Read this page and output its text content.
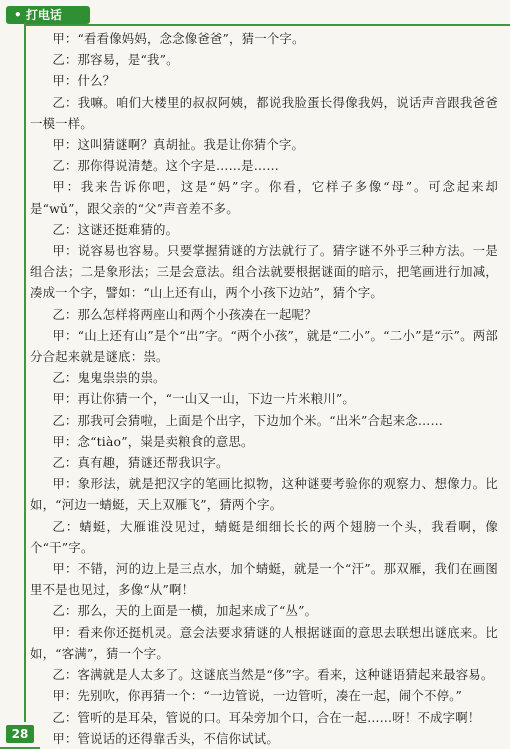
• 打电话

甲：“看看像妈妈，念念像爸爸”，猜一个字。

乙：那容易，是“我”。

甲：什么？

乙：我嘛。咱们大楼里的叔叔阿姨，都说我脸蛋长得像我妈，说话声音跟我爸爸一模一样。

甲：这叫猜谜啊？真胡扯。我是让你猜个字。

乙：那你得说清楚。这个字是……是……

甲：我来告诉你吧，这是“妈”字。你看，它样子多像“母”。可念起来却是“wǔ”，跟父亲的“父”声音差不多。

乙：这谜还挺难猜的。

甲：说容易也容易。只要掌握猜谜的方法就行了。猜字谜不外乎三种方法。一是组合法；二是象形法；三是会意法。组合法就要根据谜面的暗示，把笔画进行加减，凑成一个字，譬如：“山上还有山，两个小孩下边站”，猜个字。

乙：那么怎样将两座山和两个小孩凑在一起呢？

甲：“山上还有山”是个“出”字。“两个小孩”，就是“二小”。“二小”是“示”。两部分合起来就是谜底：祟。

乙：鬼鬼祟祟的祟。

甲：再让你猜一个，“一山又一山，下边一片米粮川”。

乙：那我可会猜啦，上面是个出字，下边加个米。“出米”合起来念……

甲：念“tiào”，粜是卖粮食的意思。

乙：真有趣，猜谜还帮我识字。

甲：象形法，就是把汉字的笔画比拟物，这种谜要考验你的观察力、想像力。比如，“河边一蜻蜓，天上双雁飞”，猜两个字。

乙：蜻蜓，大雁谁没见过，蜻蜓是细细长长的两个翅膀一个头，我看啊，像个“干”字。

甲：不错，河的边上是三点水，加个蜻蜓，就是一个“汗”。那双雁，我们在画图里不是也见过，多像“从”啊！

乙：那么，天的上面是一横，加起来成了“丛”。

甲：看来你还挺机灵。意会法要求猜谜的人根据谜面的意思去联想出谜底来。比如，“客满”，猜一个字。

乙：客满就是人太多了。这谜底当然是“侈”字。看来，这种谜语猜起来最容易。

甲：先别吹，你再猜一个：“一边管说，一边管听，凑在一起，闹个不停。”

乙：管听的是耳朵，管说的口。耳朵旁加个口，合在一起……呀！不成字啊！

甲：管说话的还得靠舌头，不信你试试。

28
